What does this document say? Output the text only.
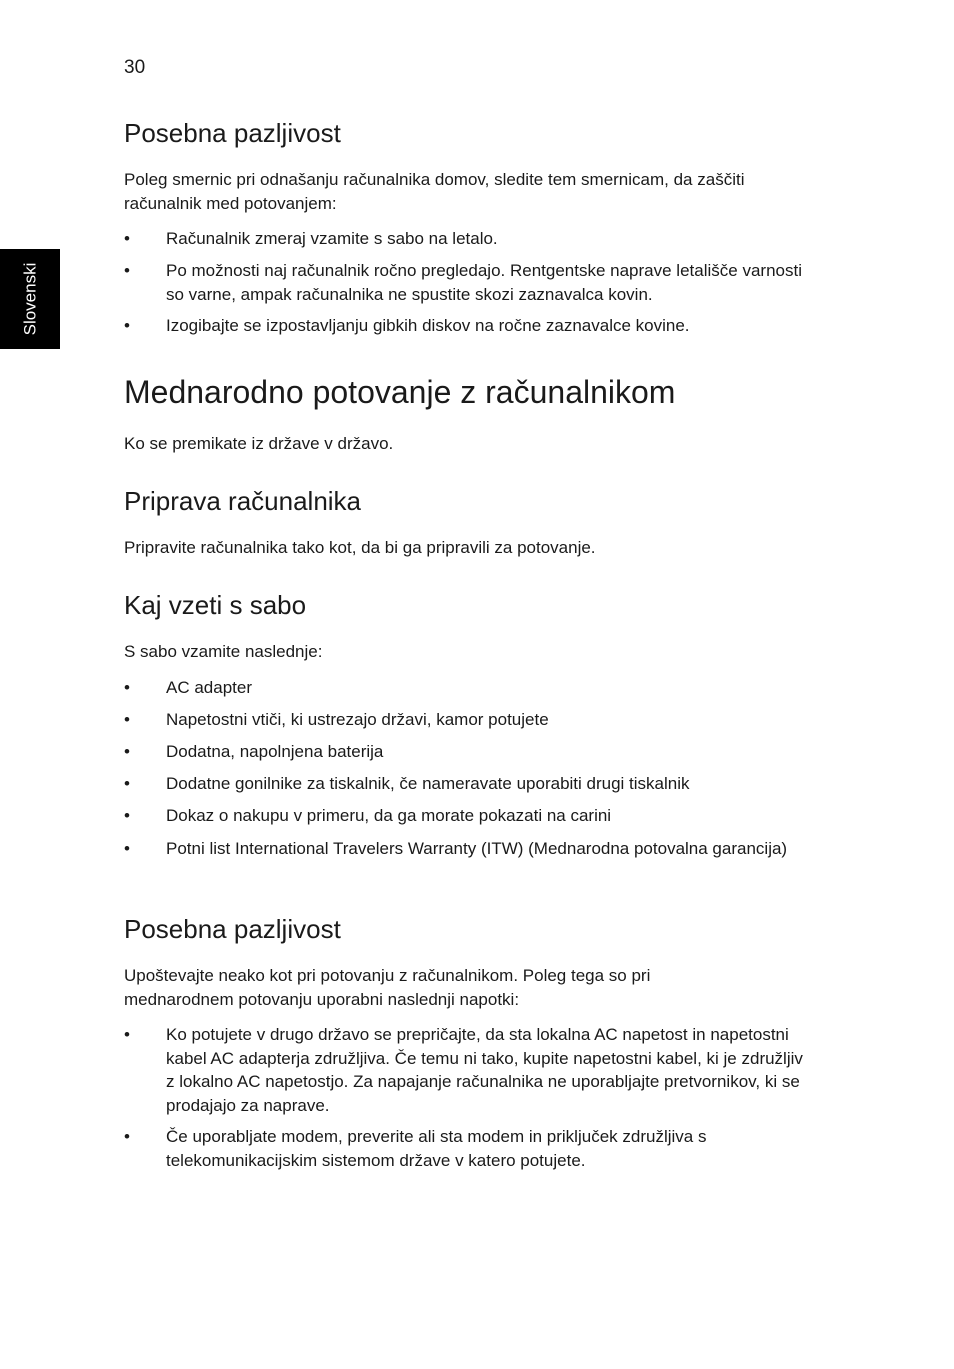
30
Slovenski
Posebna pazljivost

Poleg smernic pri odnašanju računalnika domov, sledite tem smernicam, da zaščiti računalnik med potovanjem:

• Računalnik zmeraj vzamite s sabo na letalo.
• Po možnosti naj računalnik ročno pregledajo. Rentgentske naprave letališče varnosti so varne, ampak računalnika ne spustite skozi zaznavalca kovin.
• Izogibajte se izpostavljanju gibkih diskov na ročne zaznavalce kovine.
Mednarodno potovanje z računalnikom

Ko se premikate iz države v državo.

Priprava računalnika

Pripravite računalnika tako kot, da bi ga pripravili za potovanje.

Kaj vzeti s sabo

S sabo vzamite naslednje:

• AC adapter
• Napetostni vtiči, ki ustrezajo državi, kamor potujete
• Dodatna, napolnjena baterija
• Dodatne gonilnike za tiskalnik, če nameravate uporabiti drugi tiskalnik
• Dokaz o nakupu v primeru, da ga morate pokazati na carini
• Potni list International Travelers Warranty (ITW) (Mednarodna potovalna garancija)
Posebna pazljivost

Upoštevajte neako kot pri potovanju z računalnikom. Poleg tega so pri mednarodnem potovanju uporabni naslednji napotki:

• Ko potujete v drugo državo se prepričajte, da sta lokalna AC napetost in napetostni kabel AC adapterja združljiva. Če temu ni tako, kupite napetostni kabel, ki je združljiv z lokalno AC napetostjo. Za napajanje računalnika ne uporabljajte pretvornikov, ki se prodajajo za naprave.
• Če uporabljate modem, preverite ali sta modem in priključek združljiva s telekomunikacijskim sistemom države v katero potujete.
